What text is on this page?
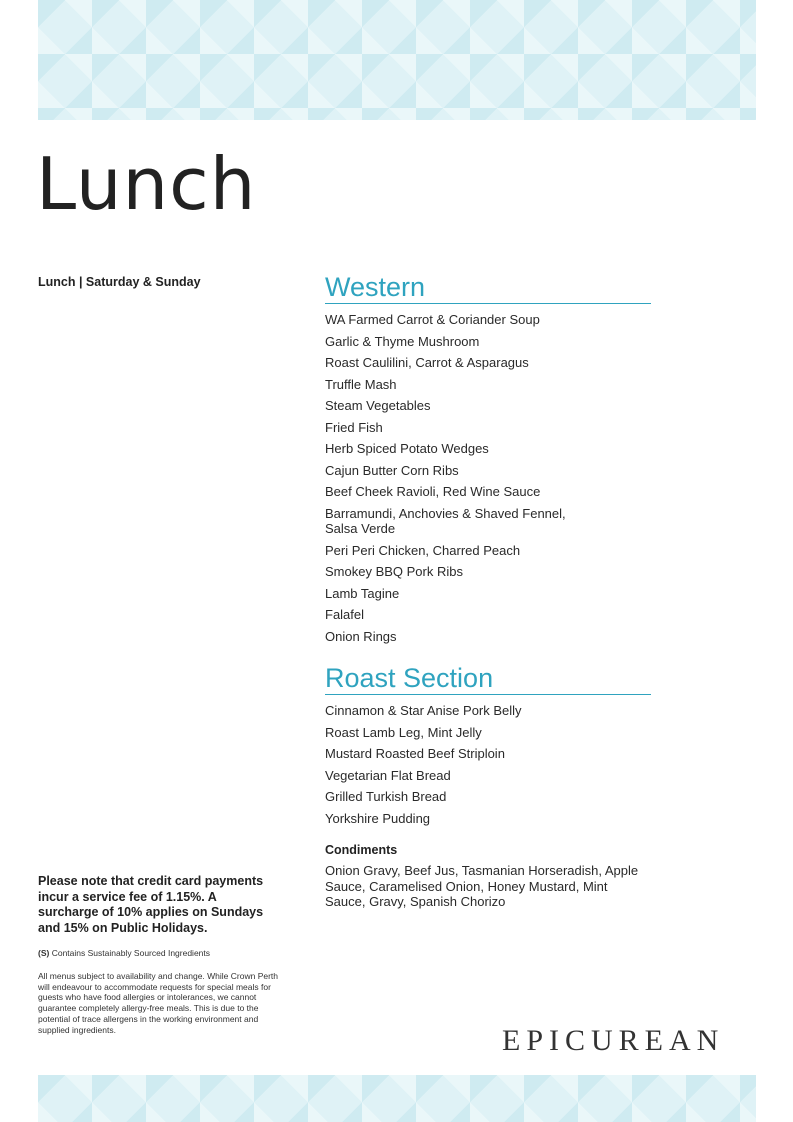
Lunch
Lunch | Saturday & Sunday	Western
WA Farmed Carrot & Coriander Soup
Garlic & Thyme Mushroom
Roast Caulilini, Carrot & Asparagus
Truffle Mash
Steam Vegetables
Fried Fish
Herb Spiced Potato Wedges
Cajun Butter Corn Ribs
Beef Cheek Ravioli, Red Wine Sauce
Barramundi, Anchovies & Shaved Fennel, Salsa Verde
Peri Peri Chicken, Charred Peach
Smokey BBQ Pork Ribs
Lamb Tagine
Falafel
Onion Rings
Roast Section
Cinnamon & Star Anise Pork Belly
Roast Lamb Leg, Mint Jelly
Mustard Roasted Beef Striploin
Vegetarian Flat Bread
Grilled Turkish Bread
Yorkshire Pudding
Condiments
Onion Gravy, Beef Jus, Tasmanian Horseradish, Apple Sauce, Caramelised Onion, Honey Mustard, Mint Sauce, Gravy, Spanish Chorizo
Please note that credit card payments incur a service fee of 1.15%. A surcharge of 10% applies on Sundays and 15% on Public Holidays.
(S) Contains Sustainably Sourced Ingredients
All menus subject to availability and change. While Crown Perth will endeavour to accommodate requests for special meals for guests who have food allergies or intolerances, we cannot guarantee completely allergy-free meals. This is due to the potential of trace allergens in the working environment and supplied ingredients.	EPICUREAN
